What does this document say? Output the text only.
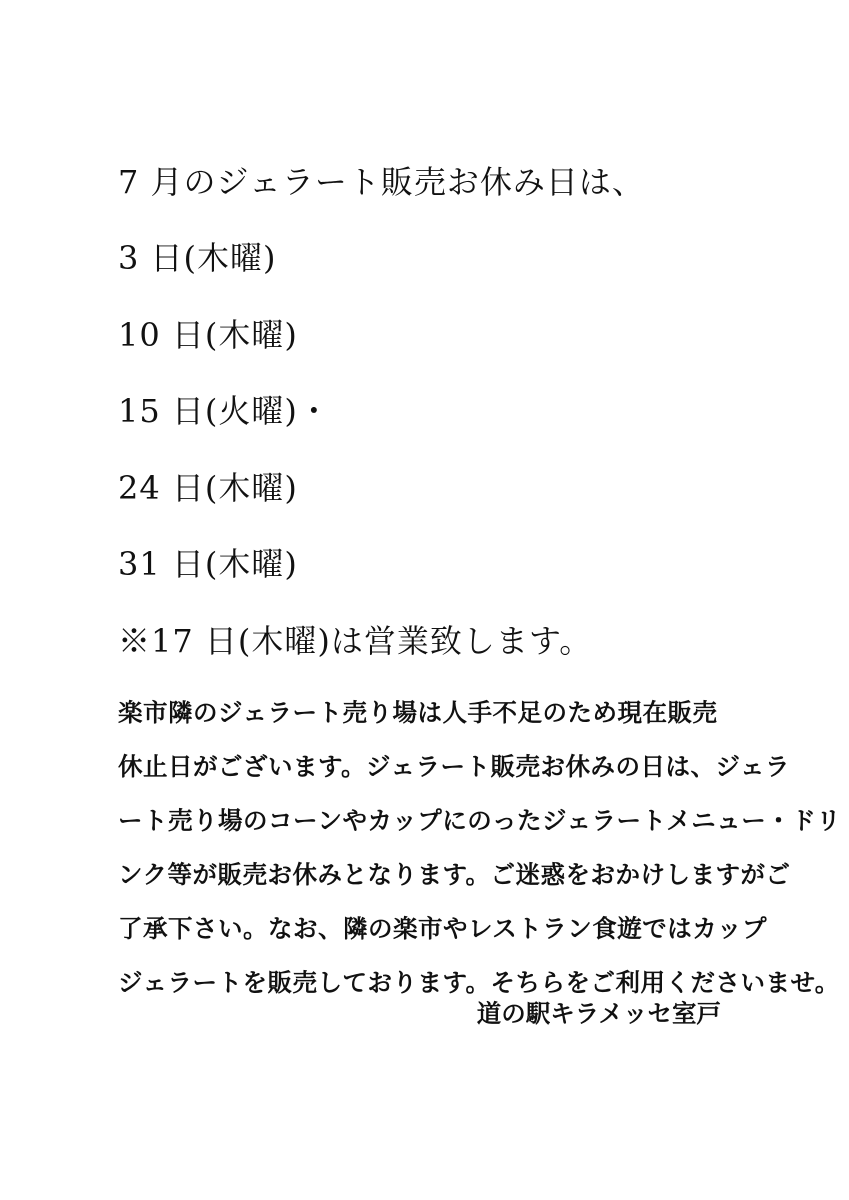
7 月のジェラート販売お休み日は、
3 日(木曜)
10 日(木曜)
15 日(火曜)・
24 日(木曜)
31 日(木曜)
※17 日(木曜)は営業致します。
楽市隣のジェラート売り場は人手不足のため現在販売
休止日がございます。ジェラート販売お休みの日は、ジェラ
ート売り場のコーンやカップにのったジェラートメニュー・ドリ
ンク等が販売お休みとなります。ご迷惑をおかけしますがご
了承下さい。なお、隣の楽市やレストラン食遊ではカップ
ジェラートを販売しております。そちらをご利用くださいませ。
道の駅キラメッセ室戸
